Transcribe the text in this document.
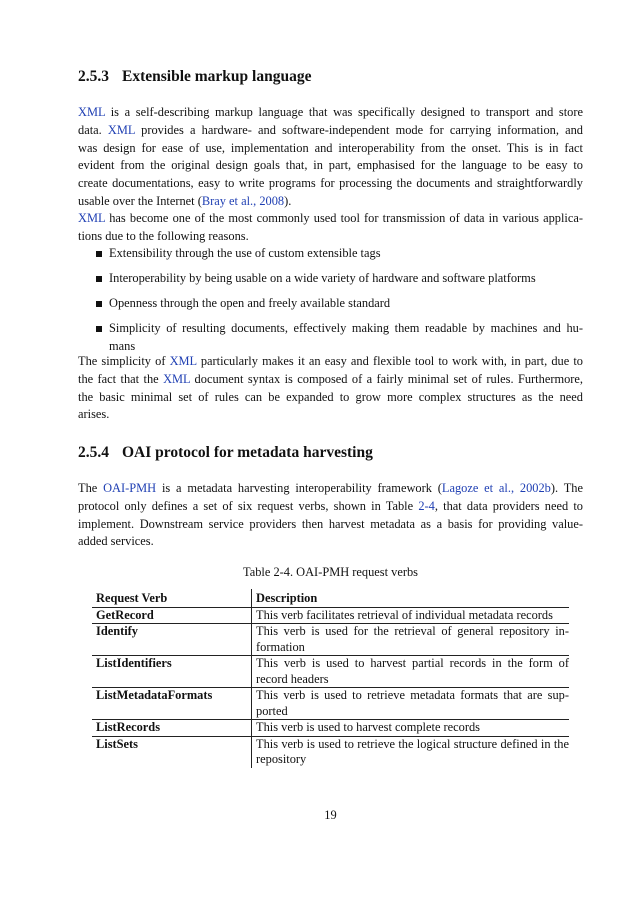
2.5.3 Extensible markup language
XML is a self-describing markup language that was specifically designed to transport and store
data. XML provides a hardware- and software-independent mode for carrying information, and
was design for ease of use, implementation and interoperability from the onset. This is in fact
evident from the original design goals that, in part, emphasised for the language to be easy to
create documentations, easy to write programs for processing the documents and straightforwardly
usable over the Internet (Bray et al., 2008).
XML has become one of the most commonly used tool for transmission of data in various applica-
tions due to the following reasons.
Extensibility through the use of custom extensible tags
Interoperability by being usable on a wide variety of hardware and software platforms
Openness through the open and freely available standard
Simplicity of resulting documents, effectively making them readable by machines and hu-
mans
The simplicity of XML particularly makes it an easy and flexible tool to work with, in part, due to
the fact that the XML document syntax is composed of a fairly minimal set of rules. Furthermore,
the basic minimal set of rules can be expanded to grow more complex structures as the need
arises.
2.5.4 OAI protocol for metadata harvesting
The OAI-PMH is a metadata harvesting interoperability framework (Lagoze et al., 2002b). The
protocol only defines a set of six request verbs, shown in Table 2-4, that data providers need to
implement. Downstream service providers then harvest metadata as a basis for providing value-
added services.
Table 2-4. OAI-PMH request verbs
Request Verb	Description
GetRecord	This verb facilitates retrieval of individual metadata records
Identify	This verb is used for the retrieval of general repository in- formation
ListIdentifiers	This verb is used to harvest partial records in the form of record headers
ListMetadataFormats	This verb is used to retrieve metadata formats that are sup- ported
ListRecords	This verb is used to harvest complete records
ListSets	This verb is used to retrieve the logical structure defined in the repository
19
